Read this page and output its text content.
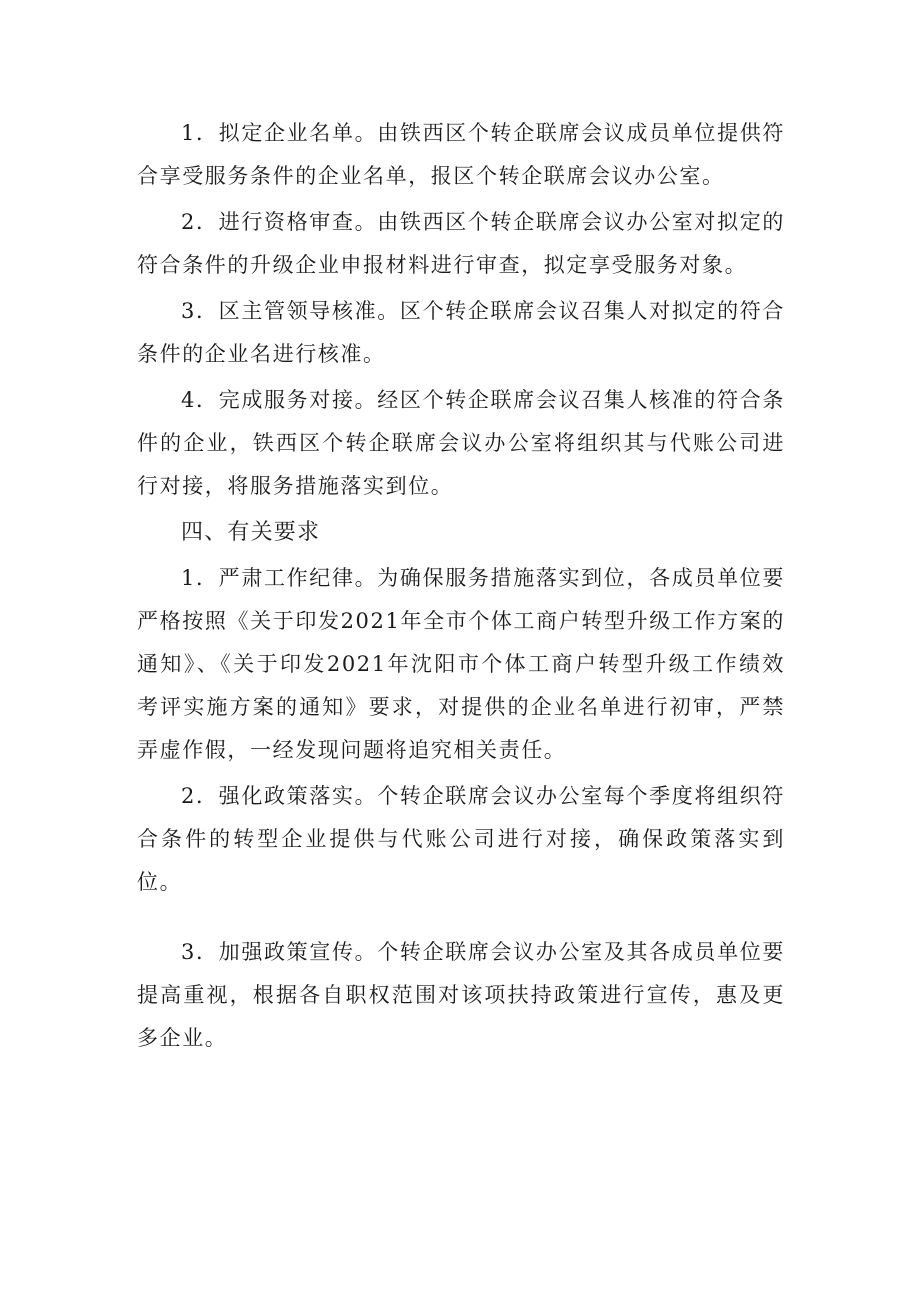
1．拟定企业名单。由铁西区个转企联席会议成员单位提供符合享受服务条件的企业名单，报区个转企联席会议办公室。

2．进行资格审查。由铁西区个转企联席会议办公室对拟定的符合条件的升级企业申报材料进行审查，拟定享受服务对象。

3．区主管领导核准。区个转企联席会议召集人对拟定的符合条件的企业名进行核准。

4．完成服务对接。经区个转企联席会议召集人核准的符合条件的企业，铁西区个转企联席会议办公室将组织其与代账公司进行对接，将服务措施落实到位。

四、有关要求

1．严肃工作纪律。为确保服务措施落实到位，各成员单位要严格按照《关于印发2021年全市个体工商户转型升级工作方案的通知》、《关于印发2021年沈阳市个体工商户转型升级工作绩效考评实施方案的通知》要求，对提供的企业名单进行初审，严禁弄虚作假，一经发现问题将追究相关责任。

2．强化政策落实。个转企联席会议办公室每个季度将组织符合条件的转型企业提供与代账公司进行对接，确保政策落实到位。

3．加强政策宣传。个转企联席会议办公室及其各成员单位要提高重视，根据各自职权范围对该项扶持政策进行宣传，惠及更多企业。
